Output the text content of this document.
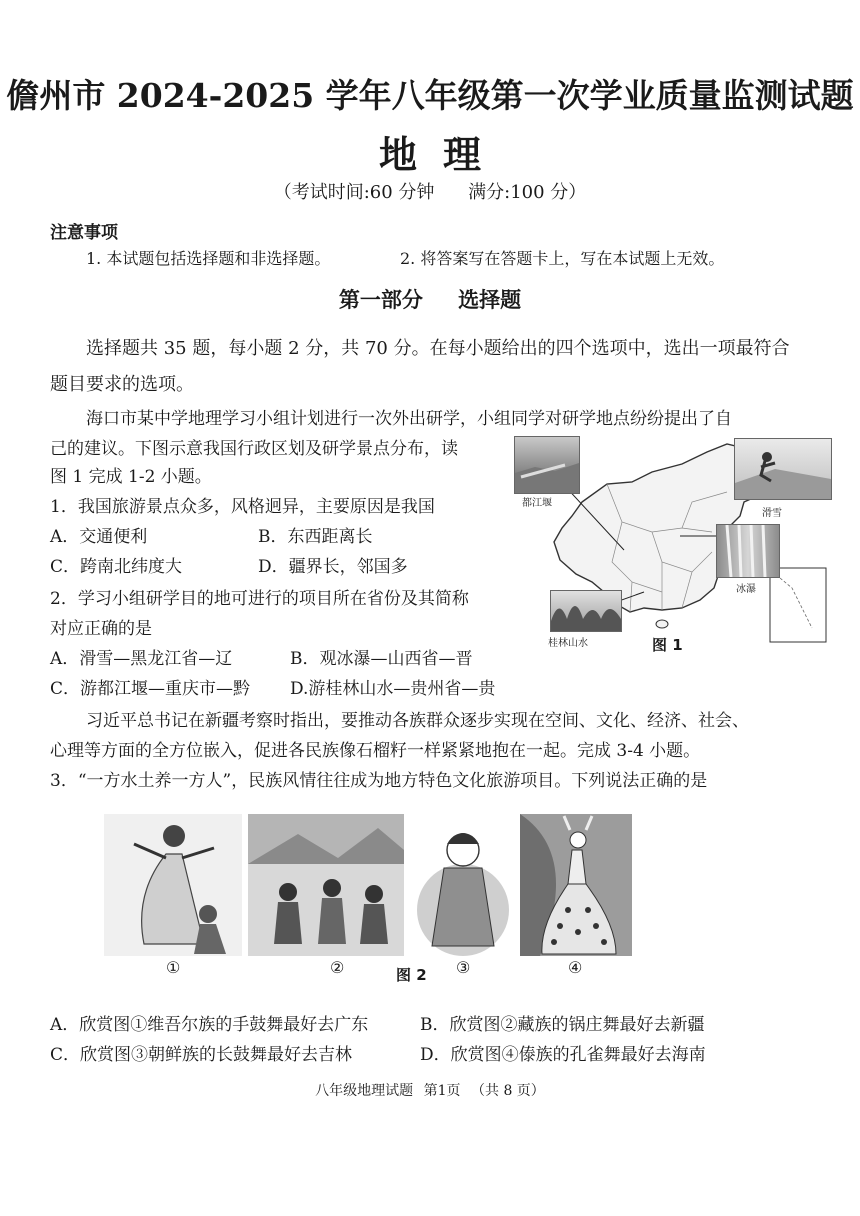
儋州市 2024-2025 学年八年级第一次学业质量监测试题
地理
（考试时间:60 分钟 满分:100 分）
注意事项
1. 本试题包括选择题和非选择题。	2. 将答案写在答题卡上，写在本试题上无效。
第一部分 选择题
选择题共 35 题，每小题 2 分，共 70 分。在每小题给出的四个选项中，选出一项最符合
题目要求的选项。
海口市某中学地理学习小组计划进行一次外出研学，小组同学对研学地点纷纷提出了自
己的建议。下图示意我国行政区划及研学景点分布，读
图 1 完成 1-2 小题。
1．我国旅游景点众多，风格迥异，主要原因是我国
A．交通便利	B．东西距离长
C．跨南北纬度大	D．疆界长，邻国多
2．学习小组研学目的地可进行的项目所在省份及其简称
对应正确的是
A．滑雪—黑龙江省—辽	B．观冰瀑—山西省—晋
C．游都江堰—重庆市—黔 D.游桂林山水—贵州省—贵
都江堰
滑雪
冰瀑
桂林山水	图 1
习近平总书记在新疆考察时指出，要推动各族群众逐步实现在空间、文化、经济、社会、
心理等方面的全方位嵌入，促进各民族像石榴籽一样紧紧地抱在一起。完成 3-4 小题。
3．“一方水土养一方人”，民族风情往往成为地方特色文化旅游项目。下列说法正确的是
①	②	图 2 ③	④
A．欣赏图①维吾尔族的手鼓舞最好去广东	B．欣赏图②藏族的锅庄舞最好去新疆
C．欣赏图③朝鲜族的长鼓舞最好去吉林	D．欣赏图④傣族的孔雀舞最好去海南
八年级地理试题 第1页 （共 8 页）
